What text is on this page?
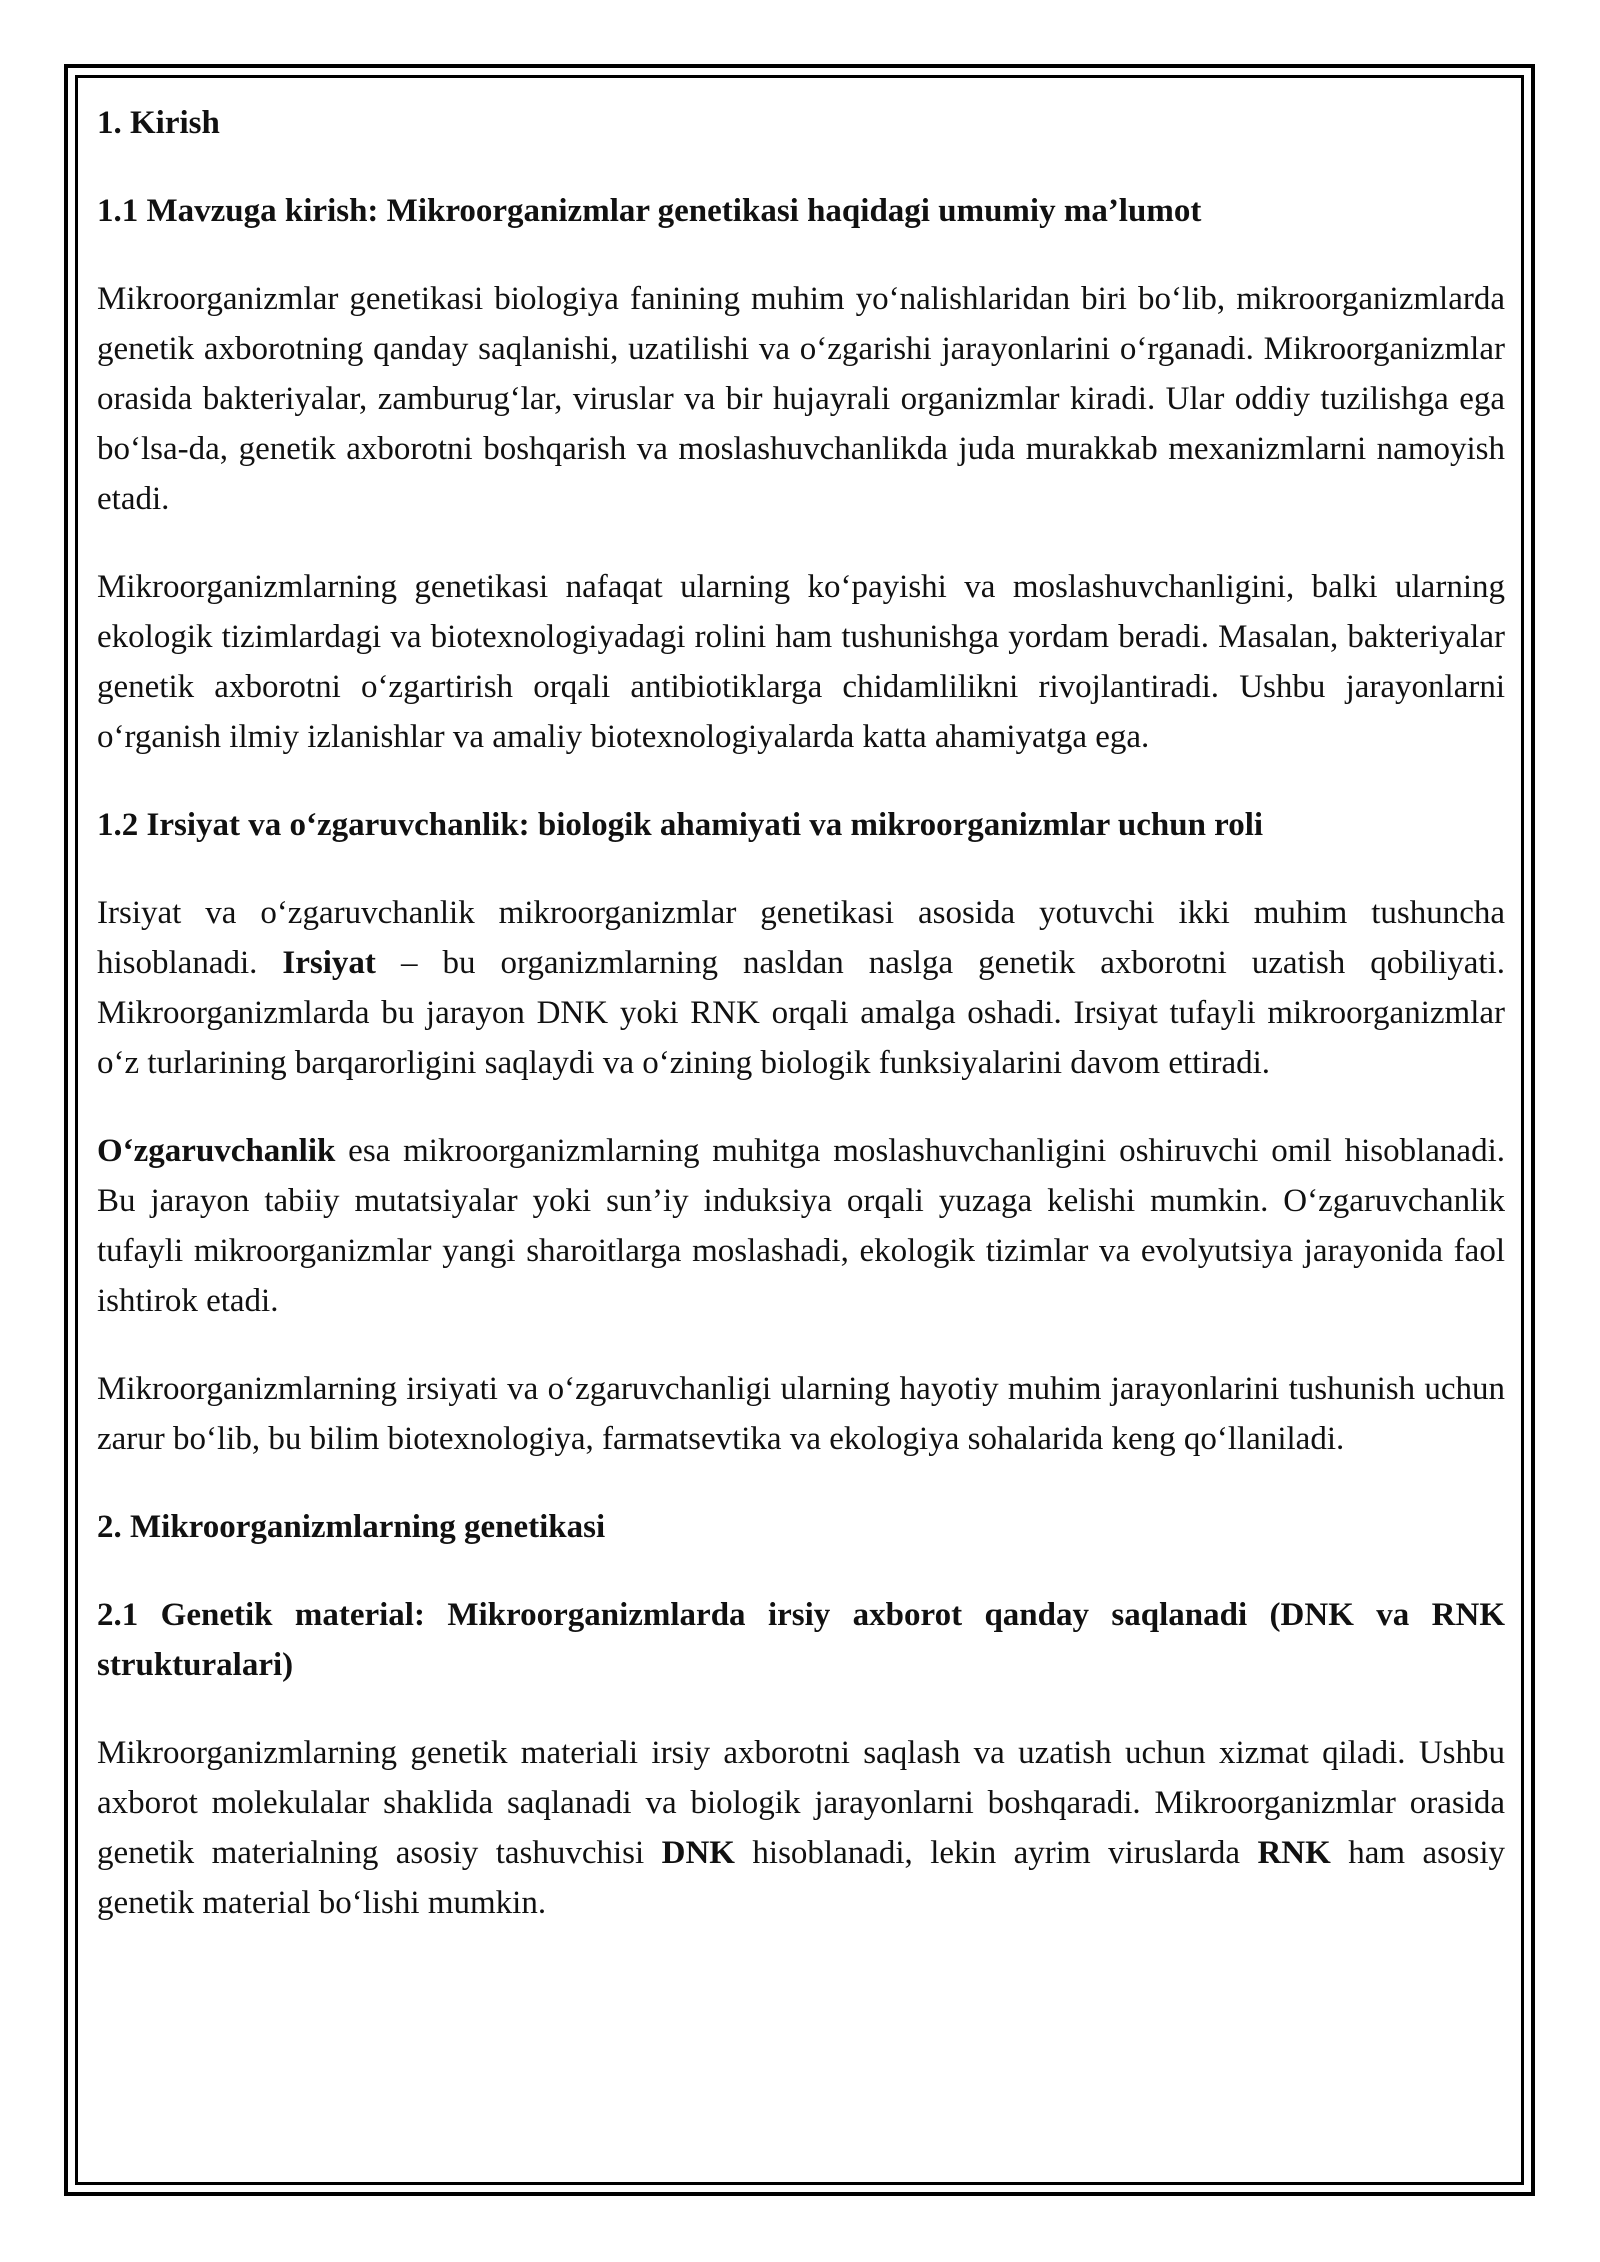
1. Kirish
1.1 Mavzuga kirish: Mikroorganizmlar genetikasi haqidagi umumiy ma’lumot

Mikroorganizmlar genetikasi biologiya fanining muhim yo‘nalishlaridan biri bo‘lib, mikroorganizmlarda genetik axborotning qanday saqlanishi, uzatilishi va o‘zgarishi jarayonlarini o‘rganadi. Mikroorganizmlar orasida bakteriyalar, zamburug‘lar, viruslar va bir hujayrali organizmlar kiradi. Ular oddiy tuzilishga ega bo‘lsa-da, genetik axborotni boshqarish va moslashuvchanlikda juda murakkab mexanizmlarni namoyish etadi.

Mikroorganizmlarning genetikasi nafaqat ularning ko‘payishi va moslashuvchanligini, balki ularning ekologik tizimlardagi va biotexnologiyadagi rolini ham tushunishga yordam beradi. Masalan, bakteriyalar genetik axborotni o‘zgartirish orqali antibiotiklarga chidamlilikni rivojlantiradi. Ushbu jarayonlarni o‘rganish ilmiy izlanishlar va amaliy biotexnologiyalarda katta ahamiyatga ega.

1.2 Irsiyat va o‘zgaruvchanlik: biologik ahamiyati va mikroorganizmlar uchun roli

Irsiyat va o‘zgaruvchanlik mikroorganizmlar genetikasi asosida yotuvchi ikki muhim tushuncha hisoblanadi. Irsiyat – bu organizmlarning nasldan naslga genetik axborotni uzatish qobiliyati. Mikroorganizmlarda bu jarayon DNK yoki RNK orqali amalga oshadi. Irsiyat tufayli mikroorganizmlar o‘z turlarining barqarorligini saqlaydi va o‘zining biologik funksiyalarini davom ettiradi.

O‘zgaruvchanlik esa mikroorganizmlarning muhitga moslashuvchanligini oshiruvchi omil hisoblanadi. Bu jarayon tabiiy mutatsiyalar yoki sun’iy induksiya orqali yuzaga kelishi mumkin. O‘zgaruvchanlik tufayli mikroorganizmlar yangi sharoitlarga moslashadi, ekologik tizimlar va evolyutsiya jarayonida faol ishtirok etadi.

Mikroorganizmlarning irsiyati va o‘zgaruvchanligi ularning hayotiy muhim jarayonlarini tushunish uchun zarur bo‘lib, bu bilim biotexnologiya, farmatsevtika va ekologiya sohalarida keng qo‘llaniladi.

2. Mikroorganizmlarning genetikasi
2.1 Genetik material: Mikroorganizmlarda irsiy axborot qanday saqlanadi (DNK va RNK strukturalari)

Mikroorganizmlarning genetik materiali irsiy axborotni saqlash va uzatish uchun xizmat qiladi. Ushbu axborot molekulalar shaklida saqlanadi va biologik jarayonlarni boshqaradi. Mikroorganizmlar orasida genetik materialning asosiy tashuvchisi DNK hisoblanadi, lekin ayrim viruslarda RNK ham asosiy genetik material bo‘lishi mumkin.
